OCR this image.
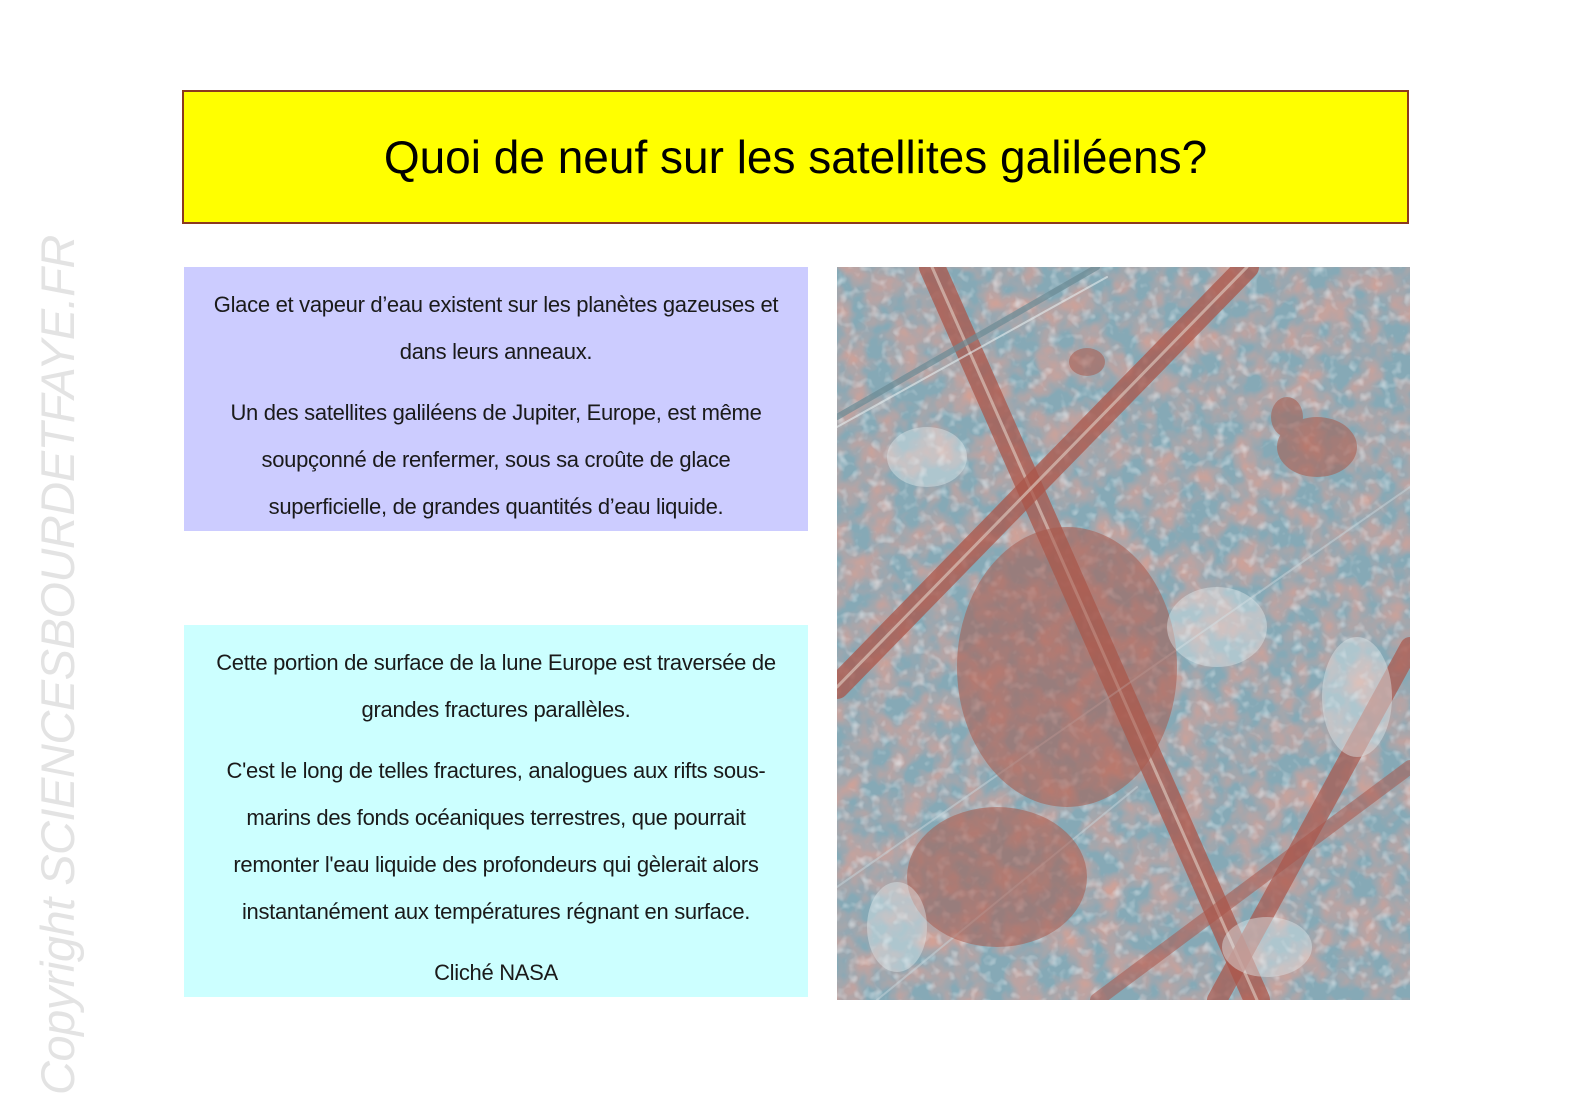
Quoi de neuf sur les satellites galiléens?

Glace et vapeur d’eau existent sur les planètes gazeuses et dans leurs anneaux.

Un des satellites galiléens de Jupiter, Europe, est même soupçonné de renfermer, sous sa croûte de glace superficielle, de grandes quantités d’eau liquide.

Cette portion de surface de la lune Europe est traversée de grandes fractures parallèles.

C'est le long de telles fractures, analogues aux rifts sous-marins des fonds océaniques terrestres, que pourrait remonter l'eau liquide des profondeurs qui gèlerait alors instantanément aux températures régnant en surface.

Cliché NASA

Copyright SCIENCESBOURDETFAYE.FR
